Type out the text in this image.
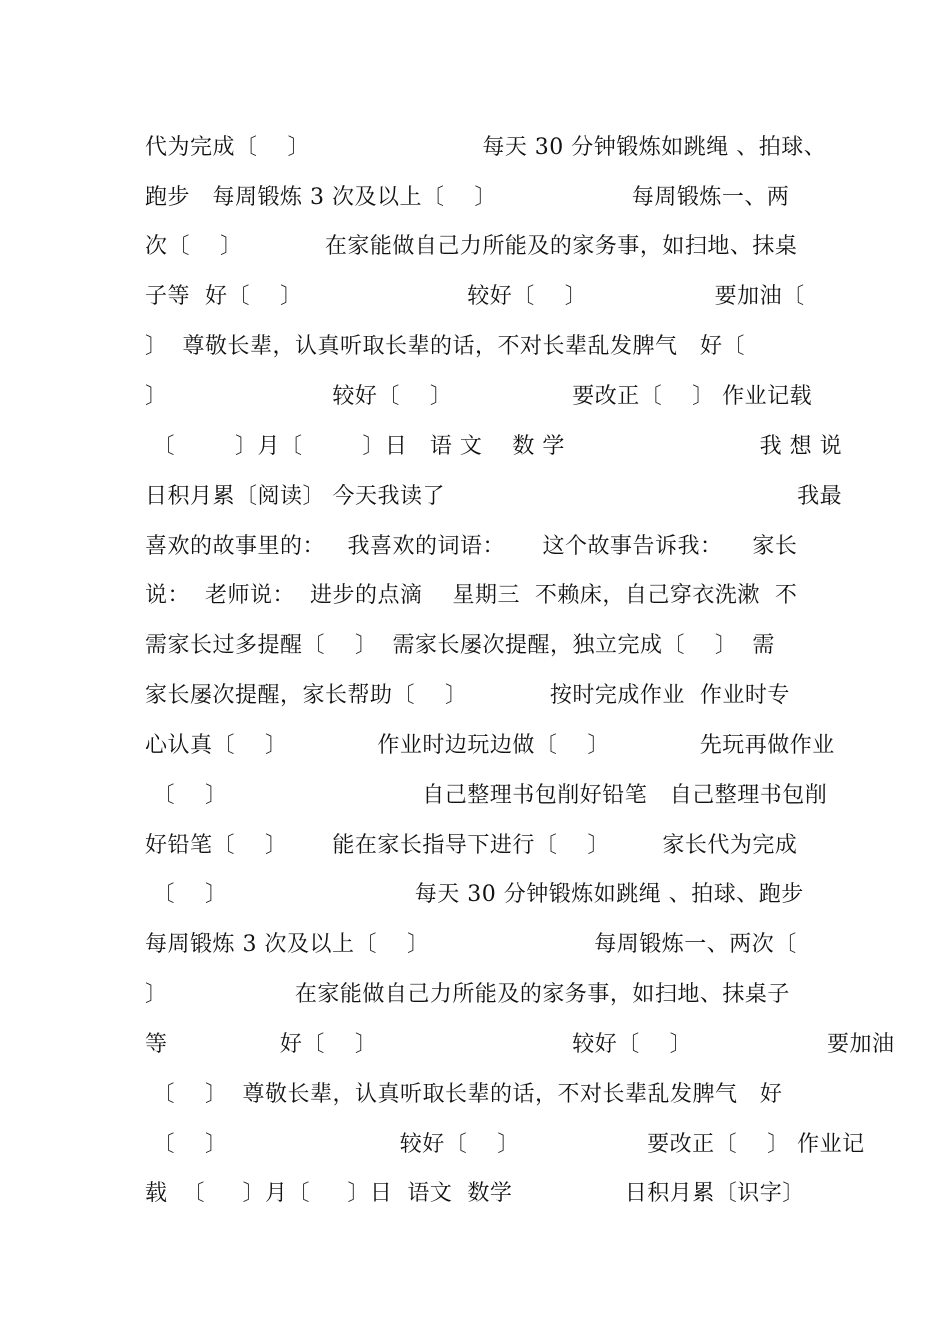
代为完成〔    〕                       每天 30 分钟锻炼如跳绳 、拍球、
跑步   每周锻炼 3 次及以上〔    〕                  每周锻炼一、两
次〔    〕           在家能做自己力所能及的家务事，如扫地、抹桌
子等  好〔    〕                      较好〔    〕                 要加油〔
〕  尊敬长辈，认真听取长辈的话，不对长辈乱发脾气   好〔
〕                      较好〔    〕                要改正〔    〕 作业记载
〔        〕月〔        〕日   语 文    数 学                          我 想 说
日积月累〔阅读〕 今天我读了                                               我最
喜欢的故事里的：   我喜欢的词语：     这个故事告诉我：    家长
说：  老师说：  进步的点滴    星期三  不赖床，自己穿衣洗漱  不
需家长过多提醒〔    〕  需家长屡次提醒，独立完成〔    〕  需
家长屡次提醒，家长帮助〔    〕           按时完成作业  作业时专
心认真〔    〕            作业时边玩边做〔    〕            先玩再做作业
〔    〕                          自己整理书包削好铅笔   自己整理书包削
好铅笔〔    〕      能在家长指导下进行〔    〕       家长代为完成
〔    〕                         每天 30 分钟锻炼如跳绳 、拍球、跑步
每周锻炼 3 次及以上〔    〕                      每周锻炼一、两次〔
〕                 在家能做自己力所能及的家务事，如扫地、抹桌子
等               好〔    〕                          较好〔    〕                  要加油
〔    〕  尊敬长辈，认真听取长辈的话，不对长辈乱发脾气   好
〔    〕                       较好〔    〕                 要改正〔    〕 作业记
载  〔     〕月〔     〕日  语文  数学               日积月累〔识字〕
